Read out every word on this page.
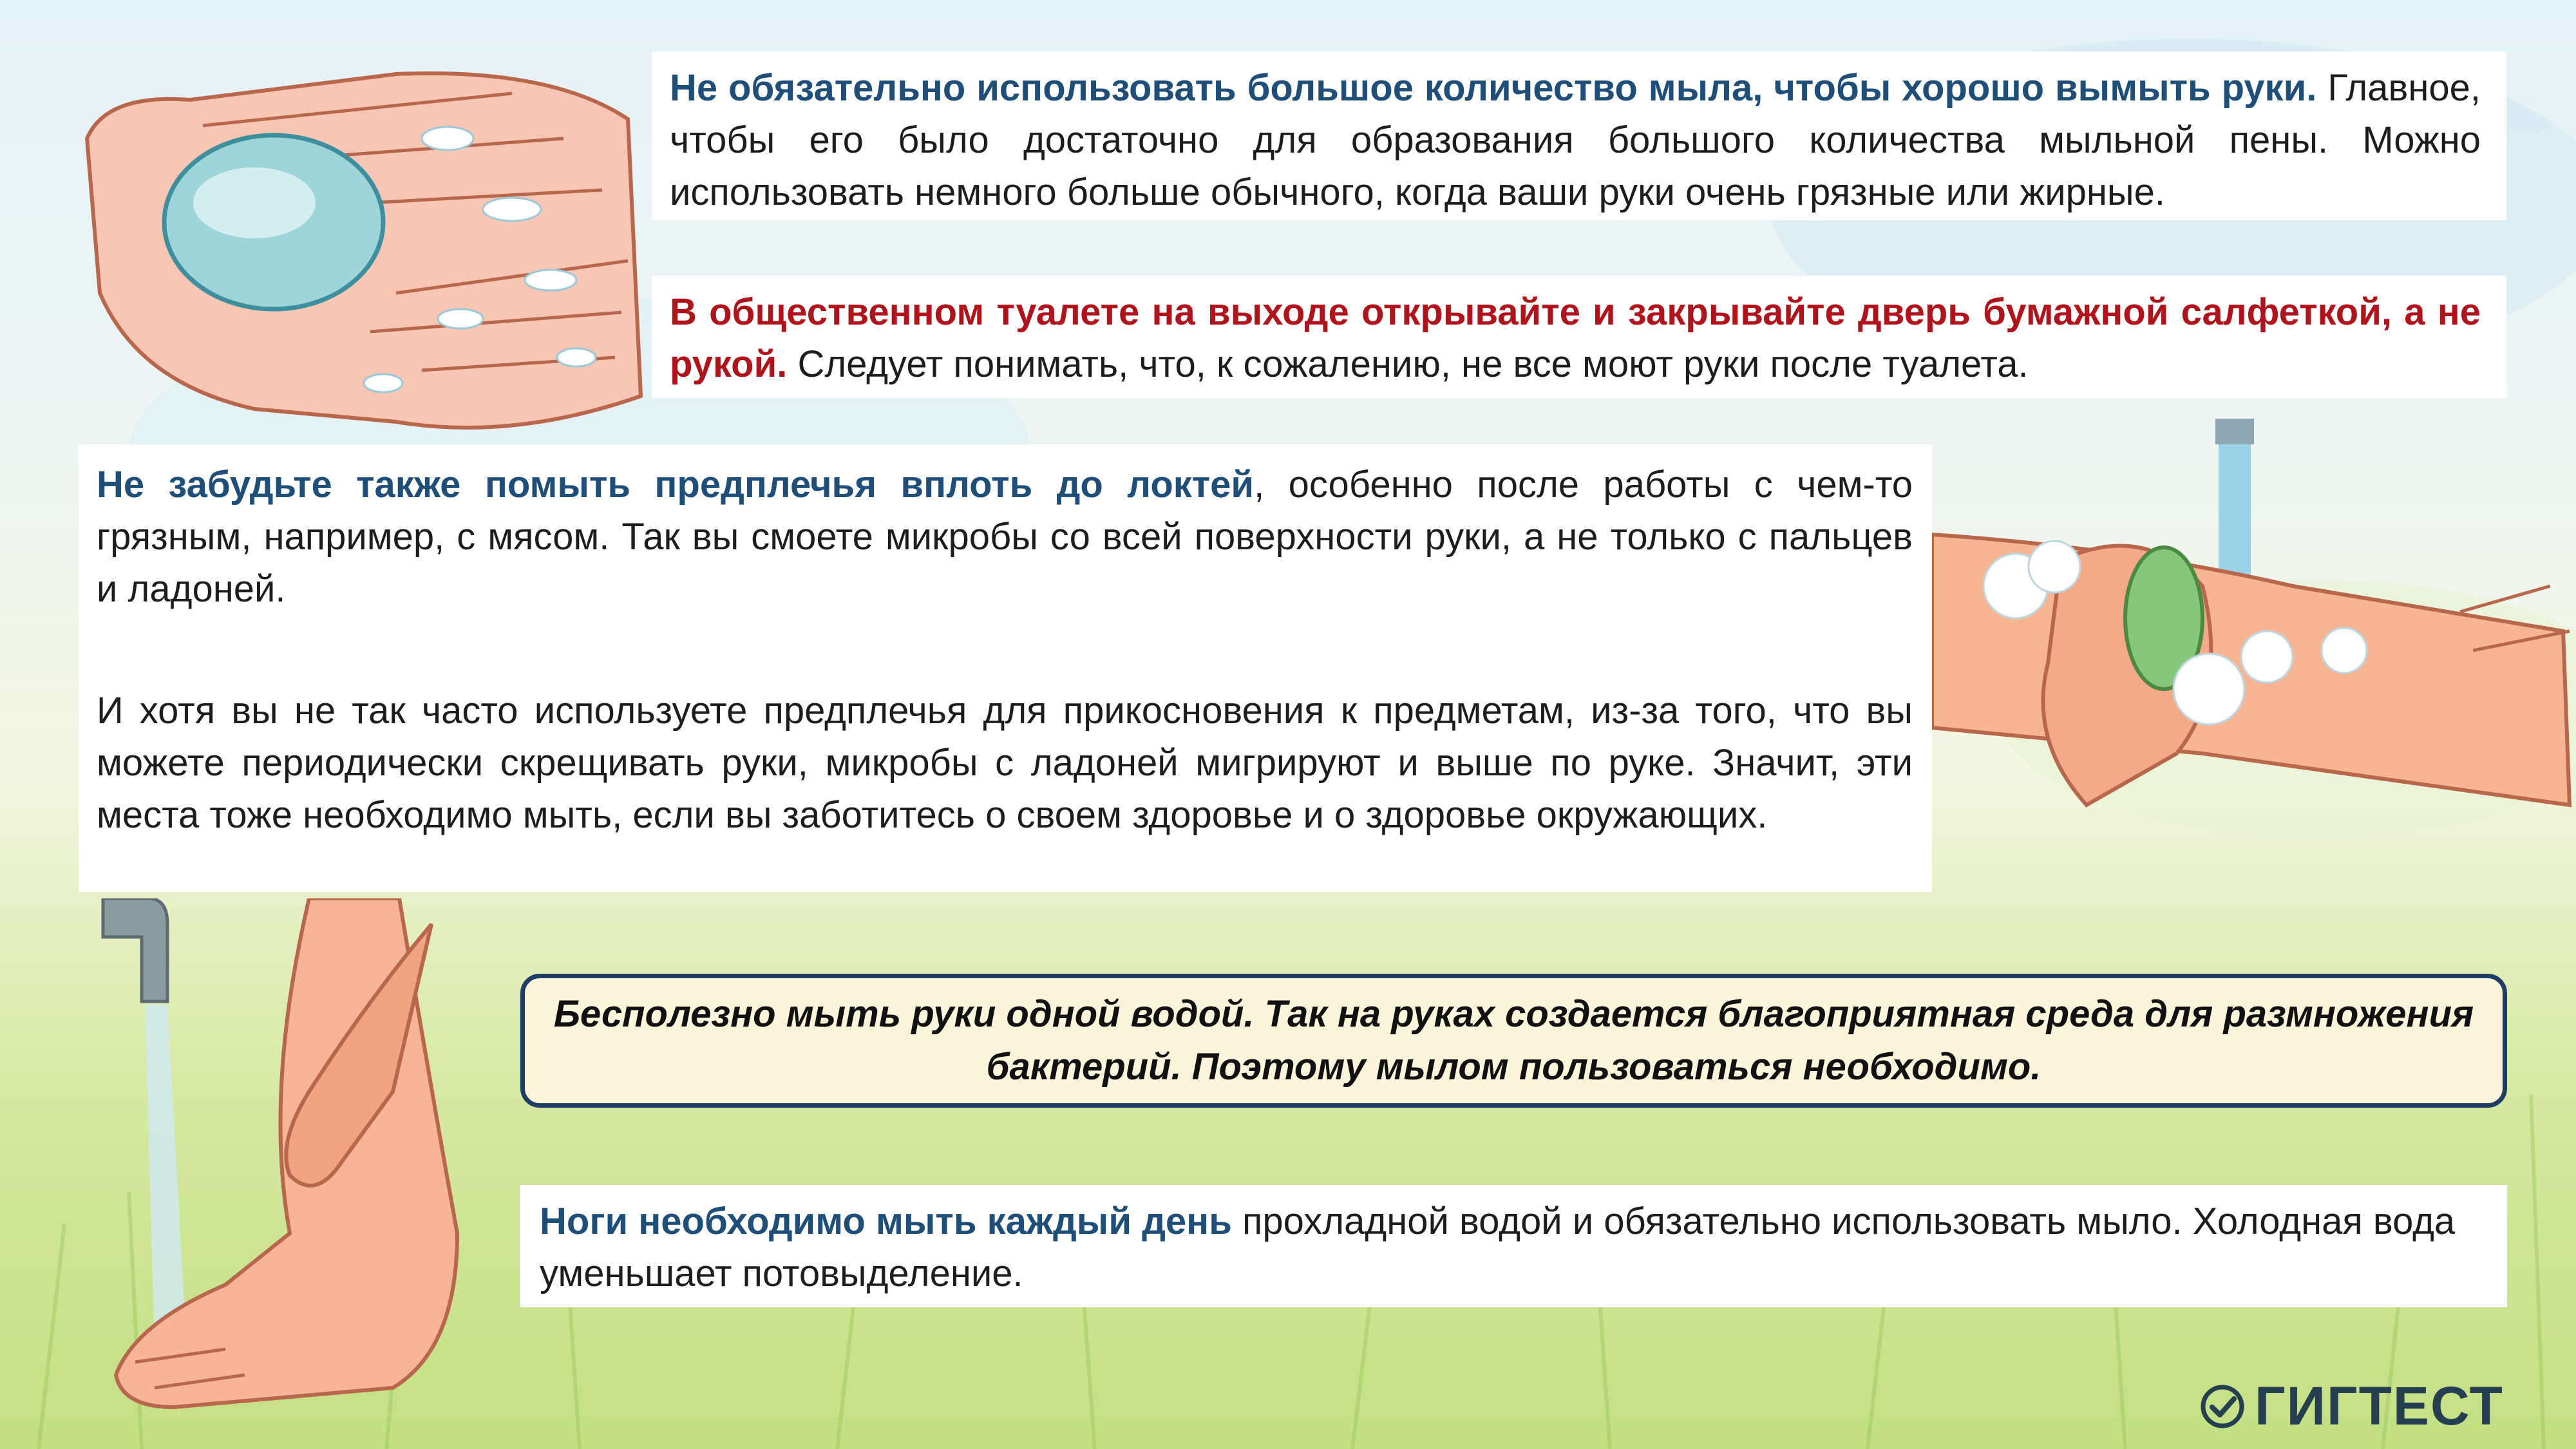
Не обязательно использовать большое количество мыла, чтобы хорошо вымыть руки. Главное, чтобы его было достаточно для образования большого количества мыльной пены. Можно использовать немного больше обычного, когда ваши руки очень грязные или жирные.

В общественном туалете на выходе открывайте и закрывайте дверь бумажной салфеткой, а не рукой. Следует понимать, что, к сожалению, не все моют руки после туалета.

Не забудьте также помыть предплечья вплоть до локтей, особенно после работы с чем-то грязным, например, с мясом. Так вы смоете микробы со всей поверхности руки, а не только с пальцев и ладоней.

И хотя вы не так часто используете предплечья для прикосновения к предметам, из-за того, что вы можете периодически скрещивать руки, микробы с ладоней мигрируют и выше по руке. Значит, эти места тоже необходимо мыть, если вы заботитесь о своем здоровье и о здоровье окружающих.

Бесполезно мыть руки одной водой. Так на руках создается благоприятная среда для размножения бактерий. Поэтому мылом пользоваться необходимо.

Ноги необходимо мыть каждый день прохладной водой и обязательно использовать мыло. Холодная вода уменьшает потовыделение.

ГИГТЕСТ
